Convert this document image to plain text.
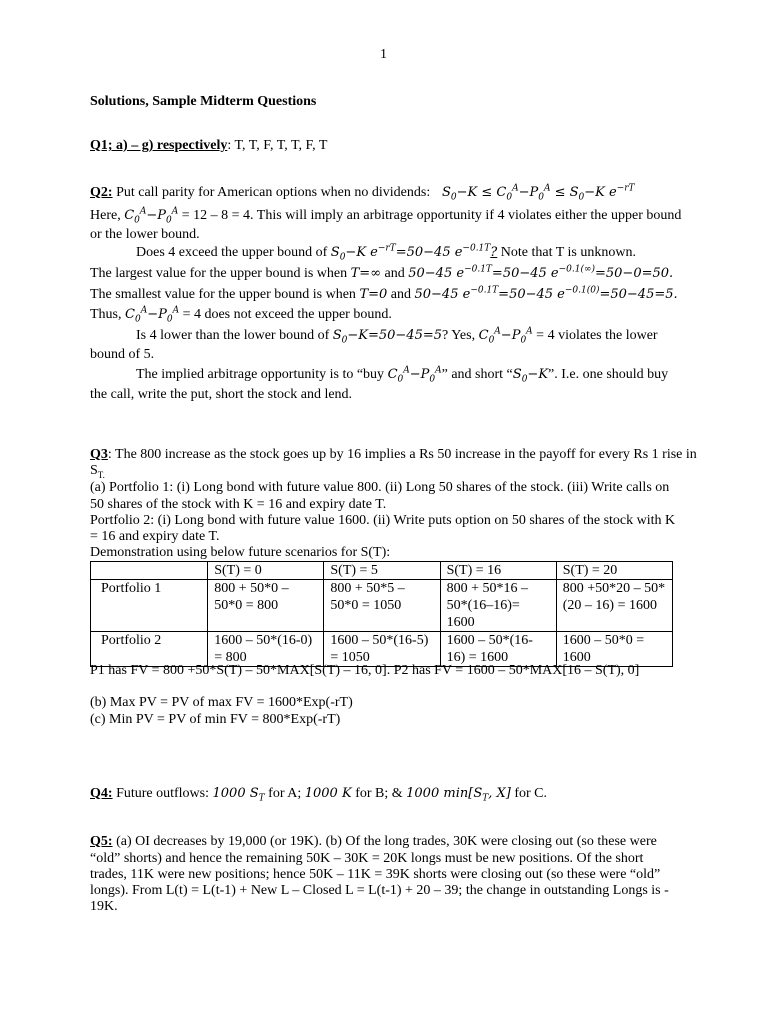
1
Solutions, Sample Midterm Questions
Q1; a) – g) respectively: T, T, F, T, T, F, T
Q2: Put call parity for American options when no dividends:   $S_0-K \le C_0^A-P_0^A \le S_0-K$ $e^{-rT}$
Here, $C_0^A-P_0^A = 12 - 8 = 4$. This will imply an arbitrage opportunity if 4 violates either the upper bound
or the lower bound.
Does 4 exceed the upper bound of $S_0-K$ $e^{-rT}=50-45$ $e^{-0.1T}$? Note that T is unknown.
The largest value for the upper bound is when T=∞ and 50−45 $e^{-0.1T}=50-45$ $e^{-0.1(\infty)}=50-0=50$.
The smallest value for the upper bound is when T=0 and 50−45 $e^{-0.1T}=50-45$ $e^{-0.1(0)}=50-45=5$.
Thus, $C_0^A-P_0^A = 4$ does not exceed the upper bound.
Is 4 lower than the lower bound of $S_0-K=50-45=5$? Yes, $C_0^A-P_0^A = 4$ violates the lower
bound of 5.
The implied arbitrage opportunity is to “buy $C_0^A-P_0^A$” and short “$S_0-K$”. I.e. one should buy
the call, write the put, short the stock and lend.
Q3: The 800 increase as the stock goes up by 16 implies a Rs 50 increase in the payoff for every Rs 1 rise in
$S_{T.}$
(a) Portfolio 1: (i) Long bond with future value 800. (ii) Long 50 shares of the stock. (iii) Write calls on
50 shares of the stock with K = 16 and expiry date T.
Portfolio 2: (i) Long bond with future value 1600. (ii) Write puts option on 50 shares of the stock with K
= 16 and expiry date T.
Demonstration using below future scenarios for S(T):
	S(T) = 0	S(T) = 5	S(T) = 16	S(T) = 20
Portfolio 1	800 + 50*0 – 50*0 = 800	800 + 50*5 – 50*0 = 1050	800 + 50*16 – 50*(16–16)= 1600	800 +50*20 – 50*(20 – 16) = 1600
Portfolio 2	1600 – 50*(16-0) = 800	1600 – 50*(16-5) = 1050	1600 – 50*(16- 16) = 1600	1600 – 50*0 = 1600
P1 has FV = 800 +50*S(T) – 50*MAX[S(T) – 16, 0]. P2 has FV = 1600 – 50*MAX[16 – S(T), 0]
(b) Max PV = PV of max FV = 1600*Exp(-rT)
(c) Min PV = PV of min FV = 800*Exp(-rT)
Q4: Future outflows: 1000 $S_T$ for A; 1000 K for B; & 1000 $\min[S_T$, X] for C.
Q5: (a) OI decreases by 19,000 (or 19K). (b) Of the long trades, 30K were closing out (so these were
“old” shorts) and hence the remaining 50K – 30K = 20K longs must be new positions. Of the short
trades, 11K were new positions; hence 50K – 11K = 39K shorts were closing out (so these were “old”
longs). From L(t) = L(t-1) + New L – Closed L = L(t-1) + 20 – 39; the change in outstanding Longs is -
19K.
